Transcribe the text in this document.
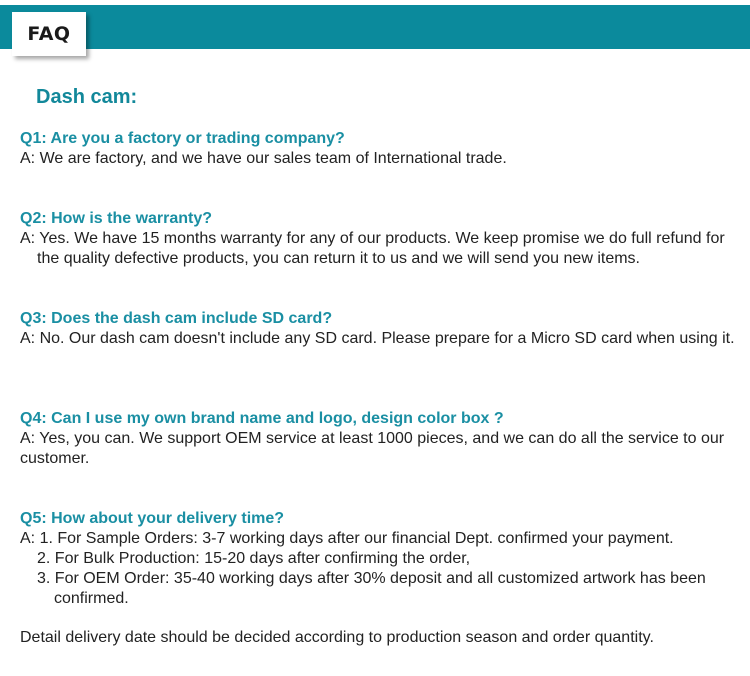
FAQ
Dash cam:
Q1: Are you a factory or trading company?
A: We are factory, and we have our sales team of International trade.
Q2: How is the warranty?
A: Yes. We have 15 months warranty for any of our products. We keep promise we do full refund for the quality defective products, you can return it to us and we will send you new items.
Q3: Does the dash cam include SD card?
A: No. Our dash cam doesn't include any SD card. Please prepare for a Micro SD card when using it.
Q4: Can I use my own brand name and logo, design color box ?
A: Yes, you can. We support OEM service at least 1000 pieces, and we can do all the service to our customer.
Q5: How about your delivery time?
A: 1. For Sample Orders: 3-7 working days after our financial Dept. confirmed your payment.
2. For Bulk Production: 15-20 days after confirming the order,
3. For OEM Order: 35-40 working days after 30% deposit and all customized artwork has been confirmed.
Detail delivery date should be decided according to production season and order quantity.
